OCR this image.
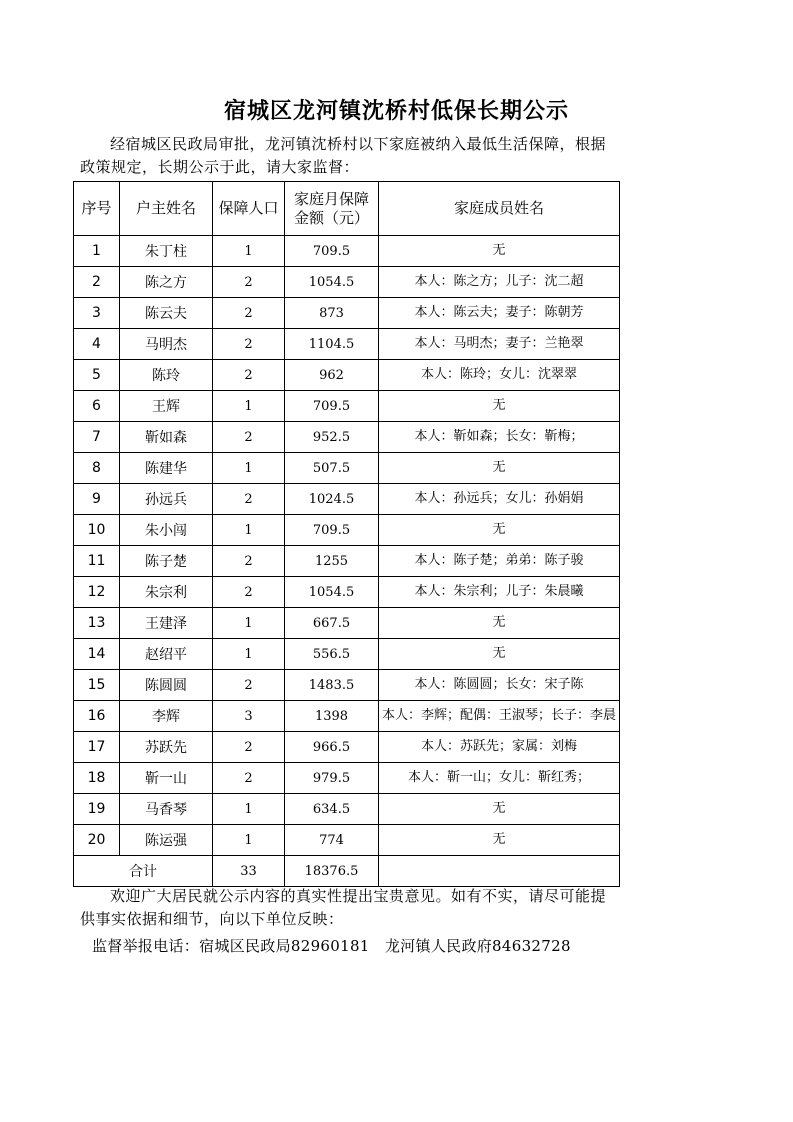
宿城区龙河镇沈桥村低保长期公示
经宿城区民政局审批，龙河镇沈桥村以下家庭被纳入最低生活保障，根据政策规定，长期公示于此，请大家监督：
序号	户主姓名	保障人口	家庭月保障金额（元）	家庭成员姓名
1	朱丁柱	1	709.5	无
2	陈之方	2	1054.5	本人：陈之方；儿子：沈二超
3	陈云夫	2	873	本人：陈云夫；妻子：陈朝芳
4	马明杰	2	1104.5	本人：马明杰；妻子：兰艳翠
5	陈玲	2	962	本人：陈玲；女儿：沈翠翠
6	王辉	1	709.5	无
7	靳如森	2	952.5	本人：靳如森；长女：靳梅；
8	陈建华	1	507.5	无
9	孙远兵	2	1024.5	本人：孙远兵；女儿：孙娟娟
10	朱小闯	1	709.5	无
11	陈子楚	2	1255	本人：陈子楚；弟弟：陈子骏
12	朱宗利	2	1054.5	本人：朱宗利；儿子：朱晨曦
13	王建泽	1	667.5	无
14	赵绍平	1	556.5	无
15	陈圆圆	2	1483.5	本人：陈圆圆；长女：宋子陈
16	李辉	3	1398	本人：李辉；配偶：王淑琴；长子：李晨
17	苏跃先	2	966.5	本人：苏跃先；家属：刘梅
18	靳一山	2	979.5	本人：靳一山；女儿：靳红秀；
19	马香琴	1	634.5	无
20	陈运强	1	774	无
合计		33	18376.5	
欢迎广大居民就公示内容的真实性提出宝贵意见。如有不实，请尽可能提供事实依据和细节，向以下单位反映：
监督举报电话：宿城区民政局82960181　龙河镇人民政府84632728
